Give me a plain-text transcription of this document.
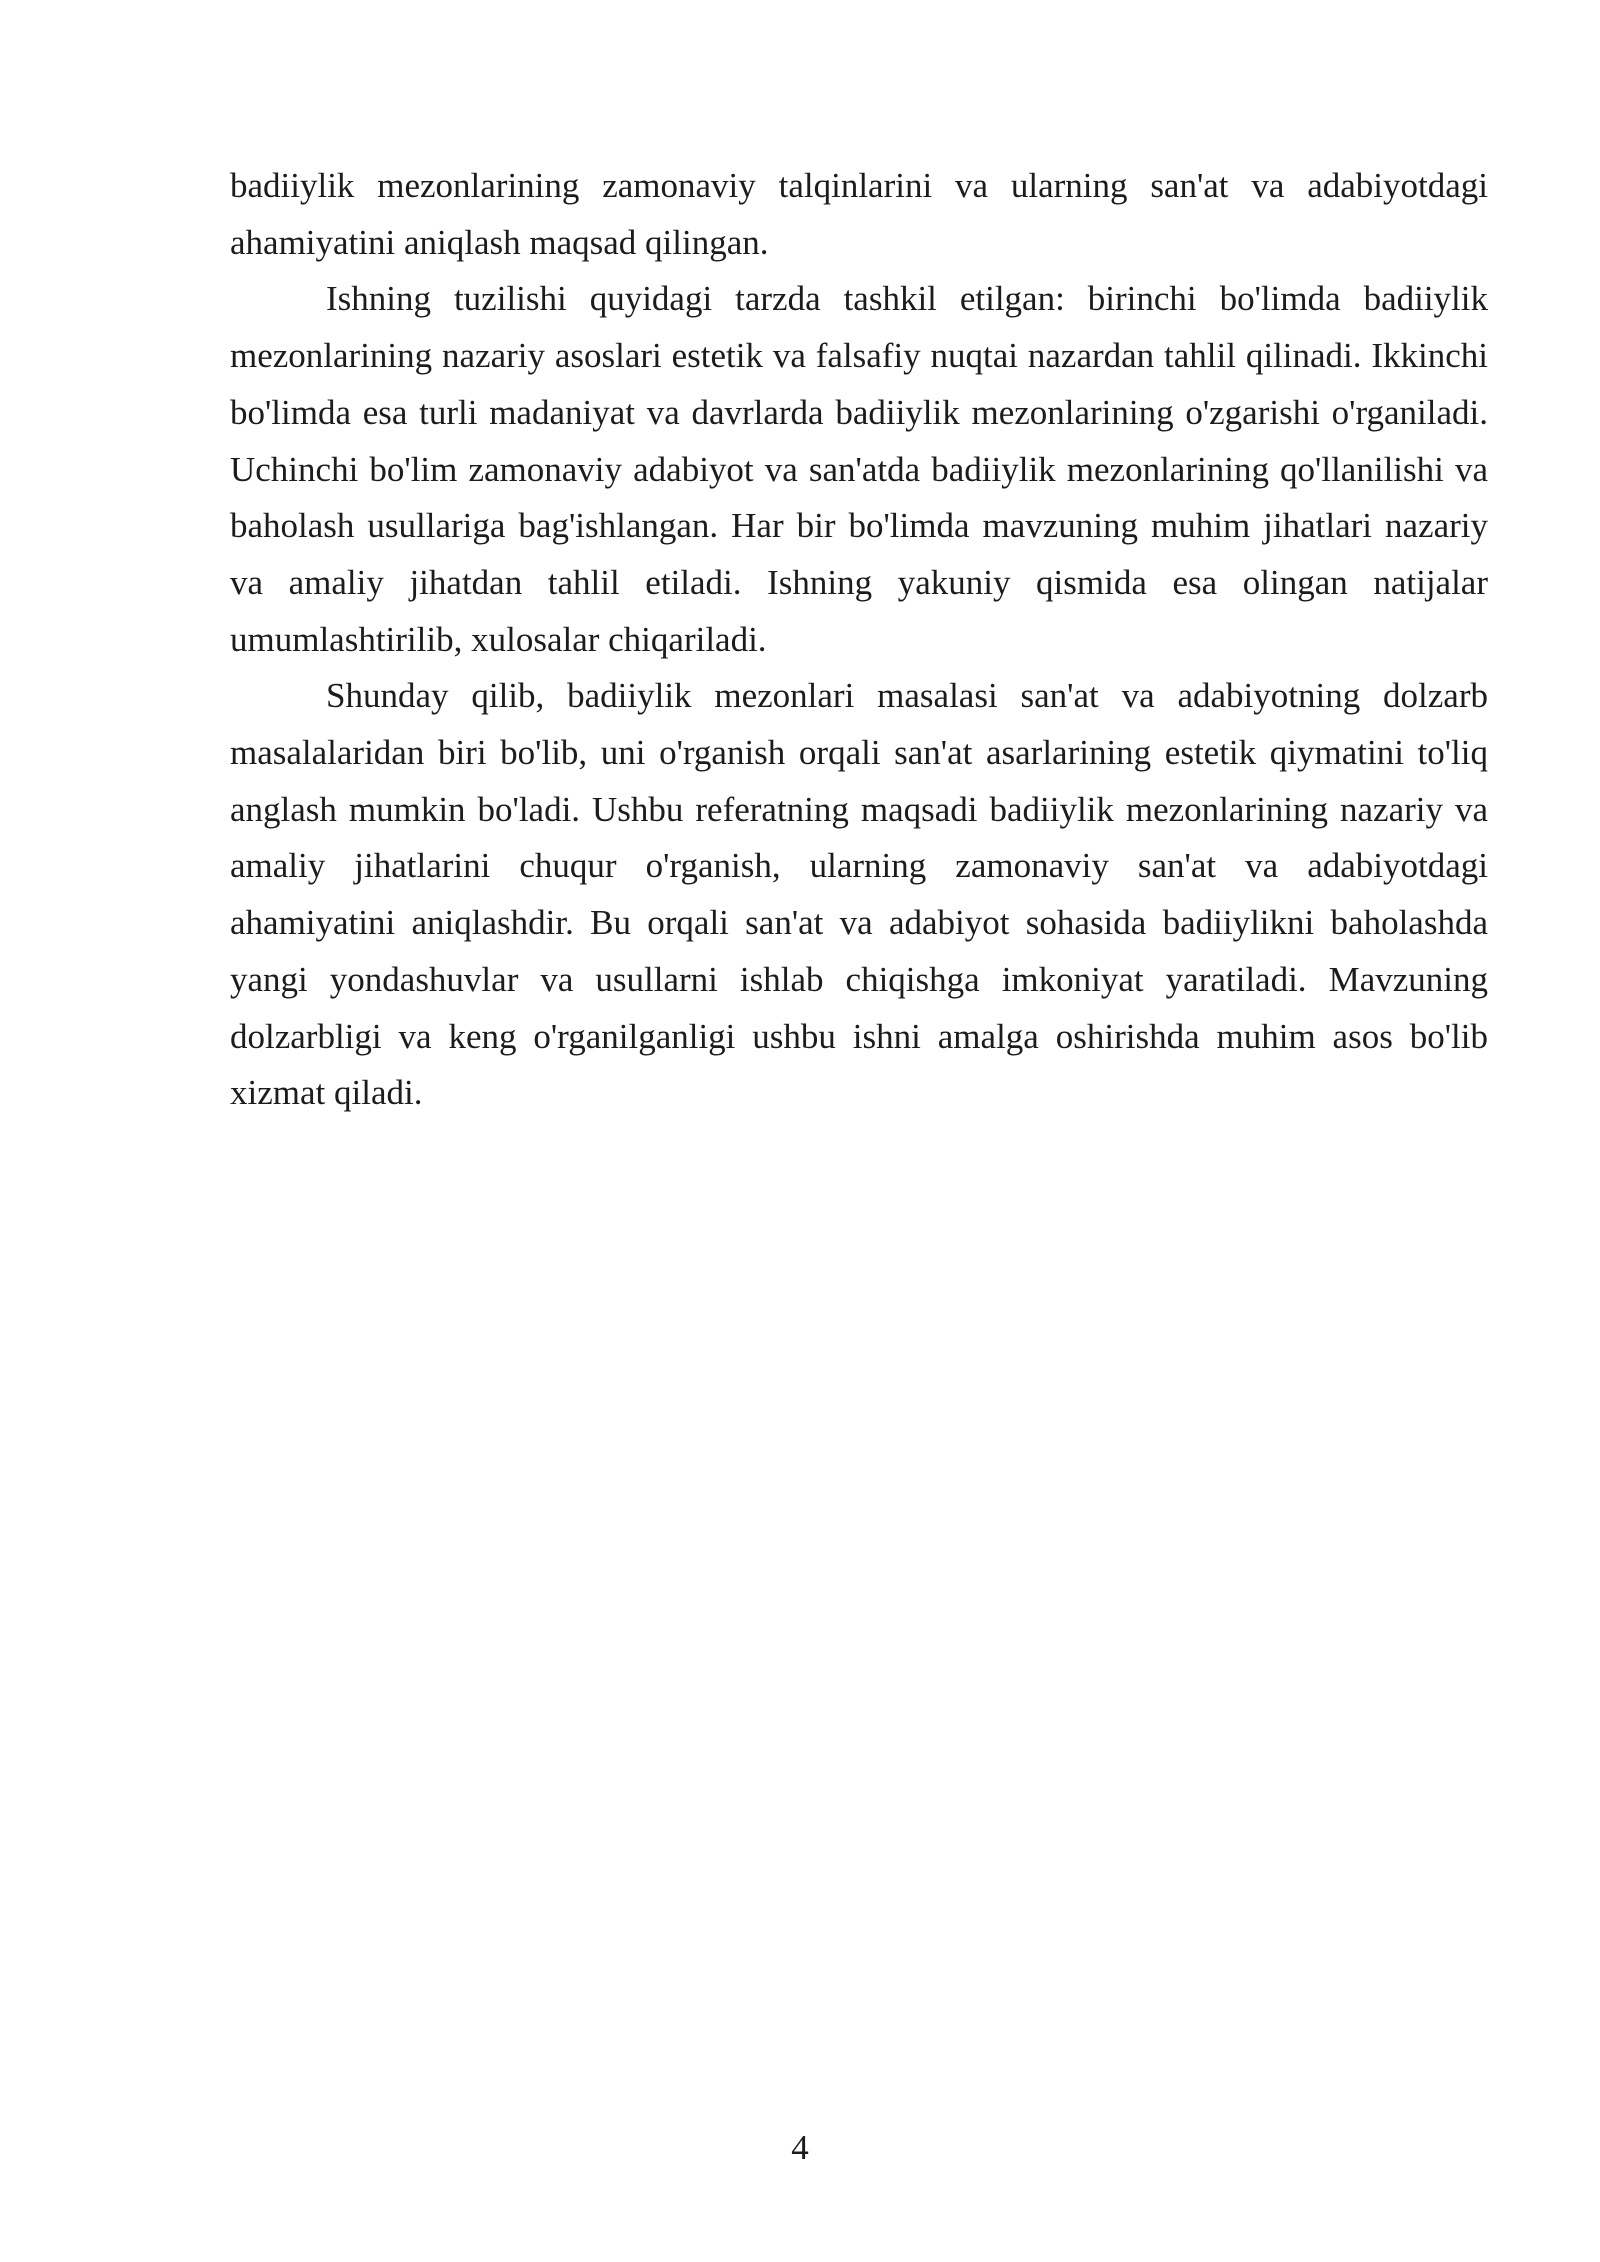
badiiylik mezonlarining zamonaviy talqinlarini va ularning san'at va adabiyotdagi ahamiyatini aniqlash maqsad qilingan.

Ishning tuzilishi quyidagi tarzda tashkil etilgan: birinchi bo'limda badiiylik mezonlarining nazariy asoslari estetik va falsafiy nuqtai nazardan tahlil qilinadi. Ikkinchi bo'limda esa turli madaniyat va davrlarda badiiylik mezonlarining o'zgarishi o'rganiladi. Uchinchi bo'lim zamonaviy adabiyot va san'atda badiiylik mezonlarining qo'llanilishi va baholash usullariga bag'ishlangan. Har bir bo'limda mavzuning muhim jihatlari nazariy va amaliy jihatdan tahlil etiladi. Ishning yakuniy qismida esa olingan natijalar umumlashtirilib, xulosalar chiqariladi.

Shunday qilib, badiiylik mezonlari masalasi san'at va adabiyotning dolzarb masalalaridan biri bo'lib, uni o'rganish orqali san'at asarlarining estetik qiymatini to'liq anglash mumkin bo'ladi. Ushbu referatning maqsadi badiiylik mezonlarining nazariy va amaliy jihatlarini chuqur o'rganish, ularning zamonaviy san'at va adabiyotdagi ahamiyatini aniqlashdir. Bu orqali san'at va adabiyot sohasida badiiylikni baholashda yangi yondashuvlar va usullarni ishlab chiqishga imkoniyat yaratiladi. Mavzuning dolzarbligi va keng o'rganilganligi ushbu ishni amalga oshirishda muhim asos bo'lib xizmat qiladi.

4
